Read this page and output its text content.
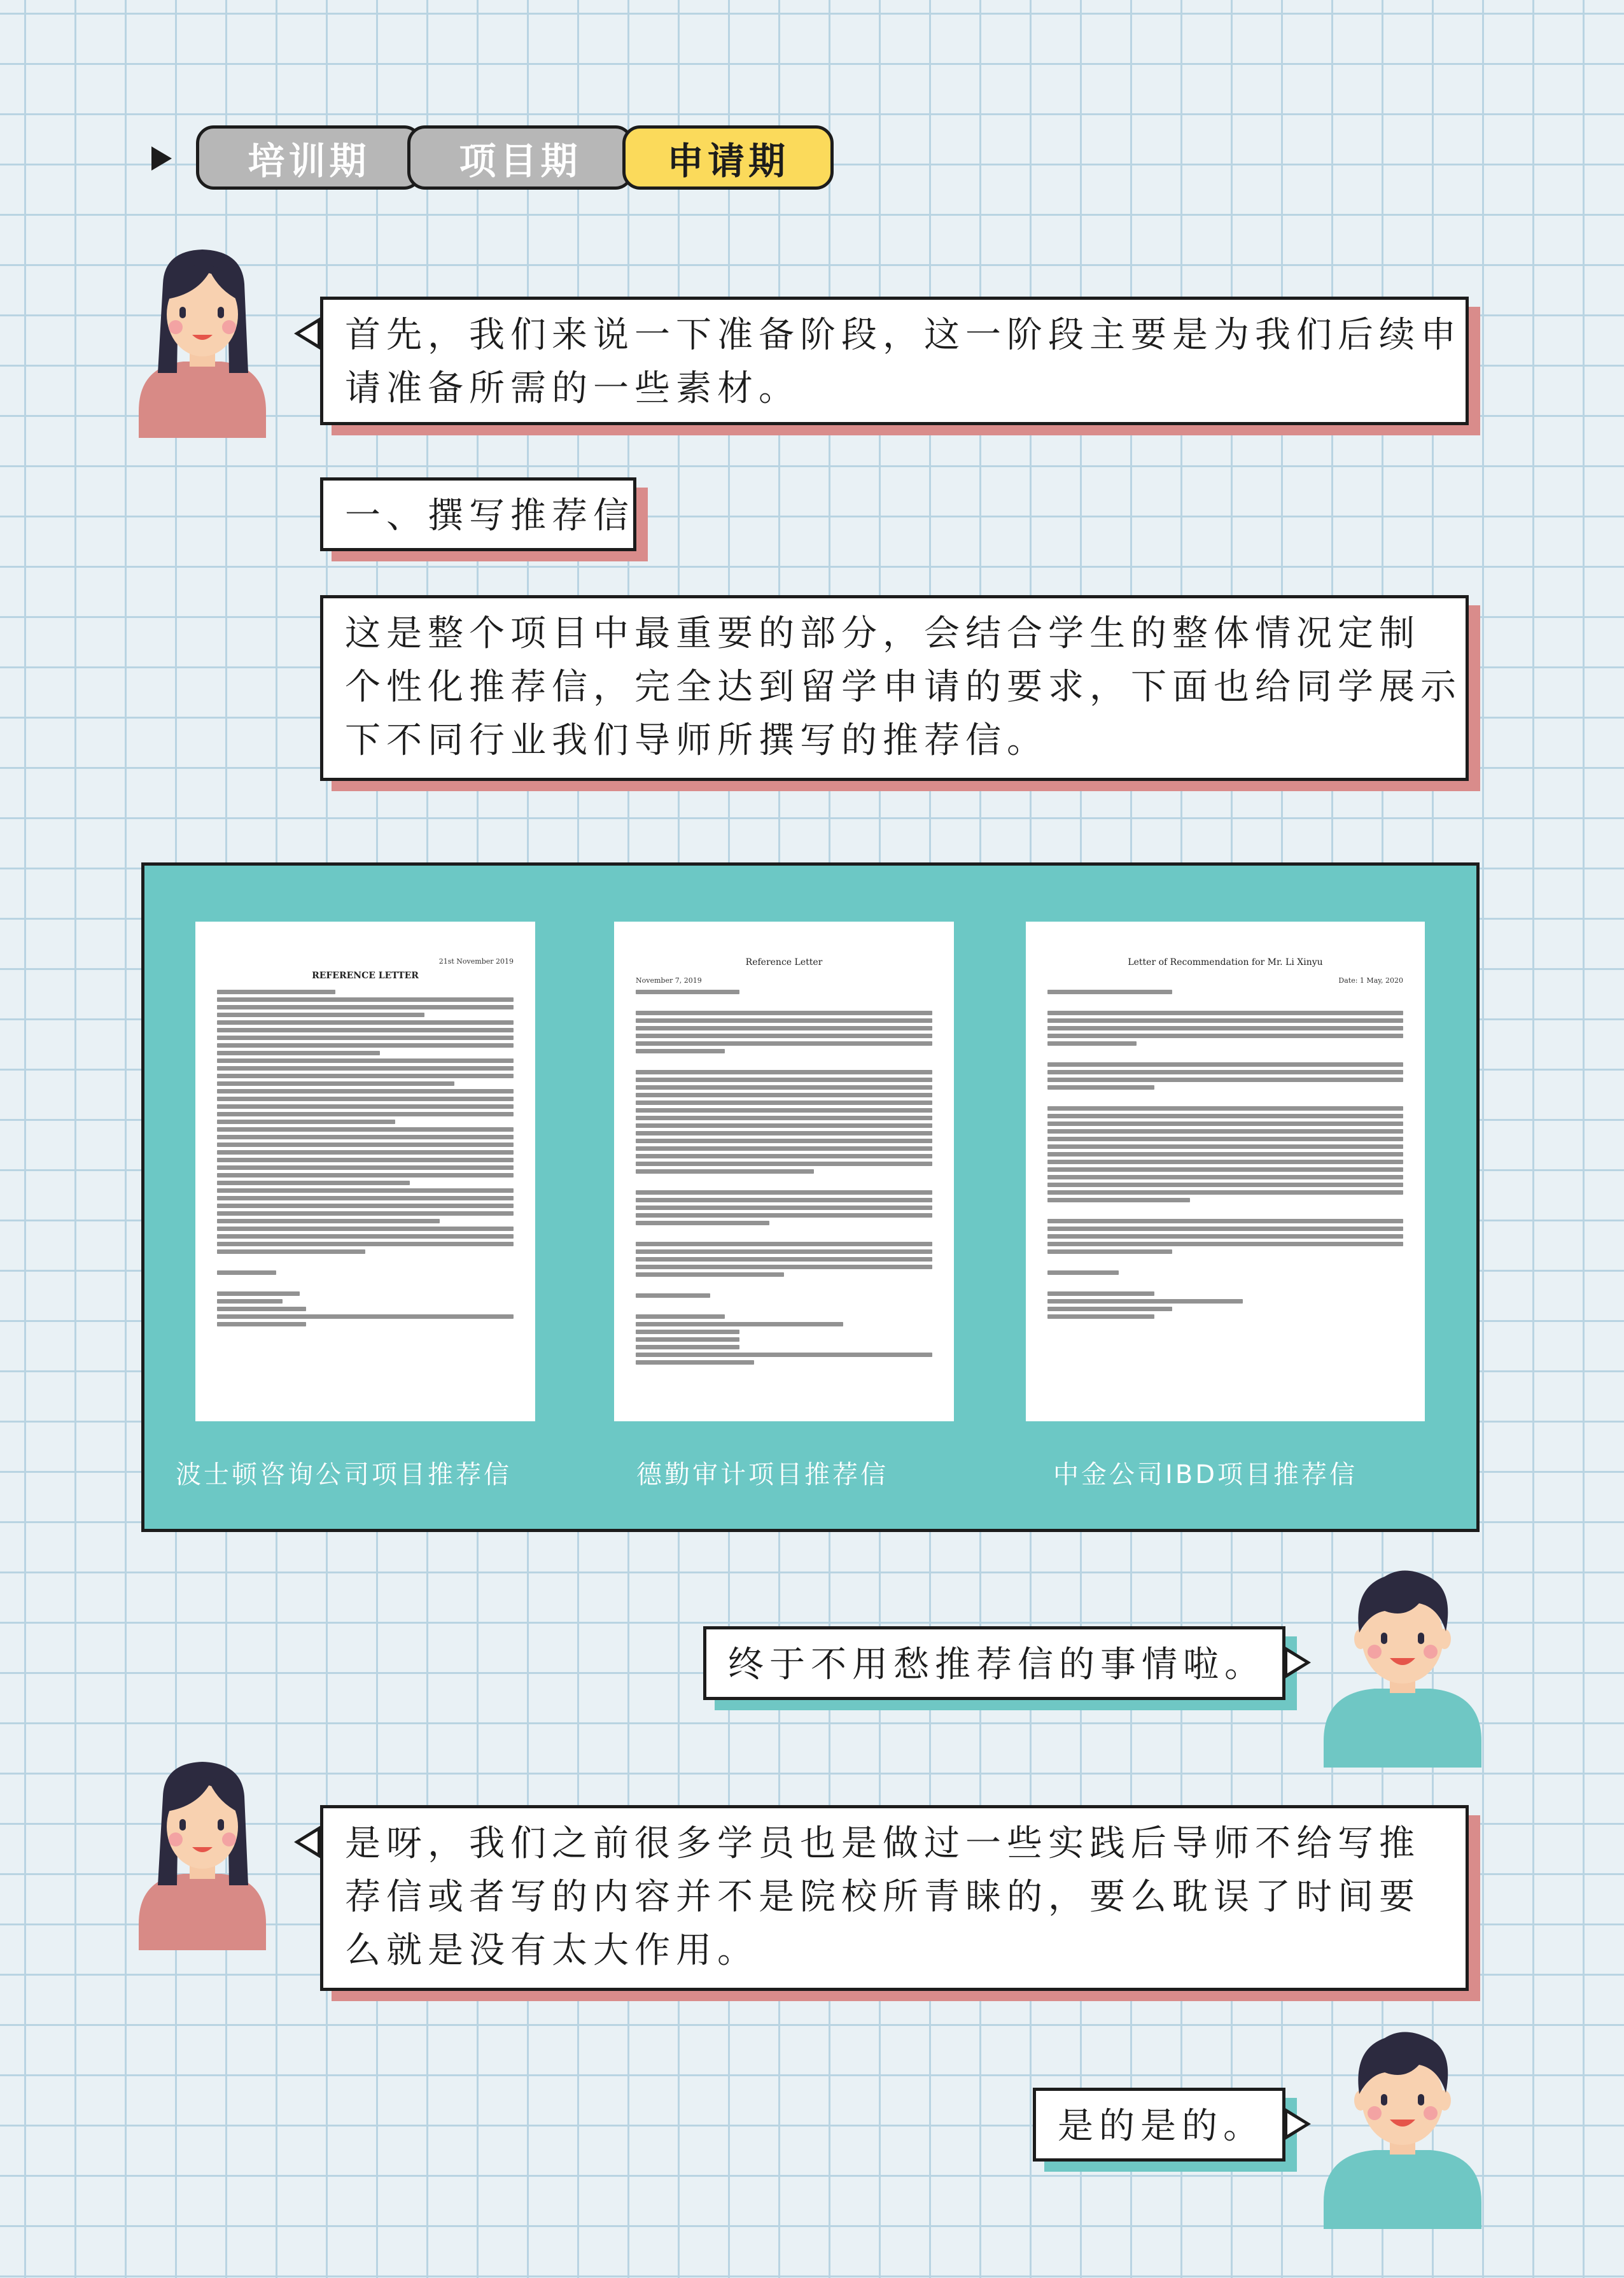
培训期	项目期	申请期
首先，我们来说一下准备阶段，这一阶段主要是为我们后续申
请准备所需的一些素材。
一、撰写推荐信
这是整个项目中最重要的部分，会结合学生的整体情况定制
个性化推荐信，完全达到留学申请的要求，下面也给同学展示
下不同行业我们导师所撰写的推荐信。
21st November 2019
REFERENCE LETTER
Reference Letter
November 7, 2019
Letter of Recommendation for Mr. Li Xinyu
Date: 1 May, 2020
波士顿咨询公司项目推荐信	德勤审计项目推荐信	中金公司IBD项目推荐信
终于不用愁推荐信的事情啦。
是呀，我们之前很多学员也是做过一些实践后导师不给写推
荐信或者写的内容并不是院校所青睐的，要么耽误了时间要
么就是没有太大作用。
是的是的。
